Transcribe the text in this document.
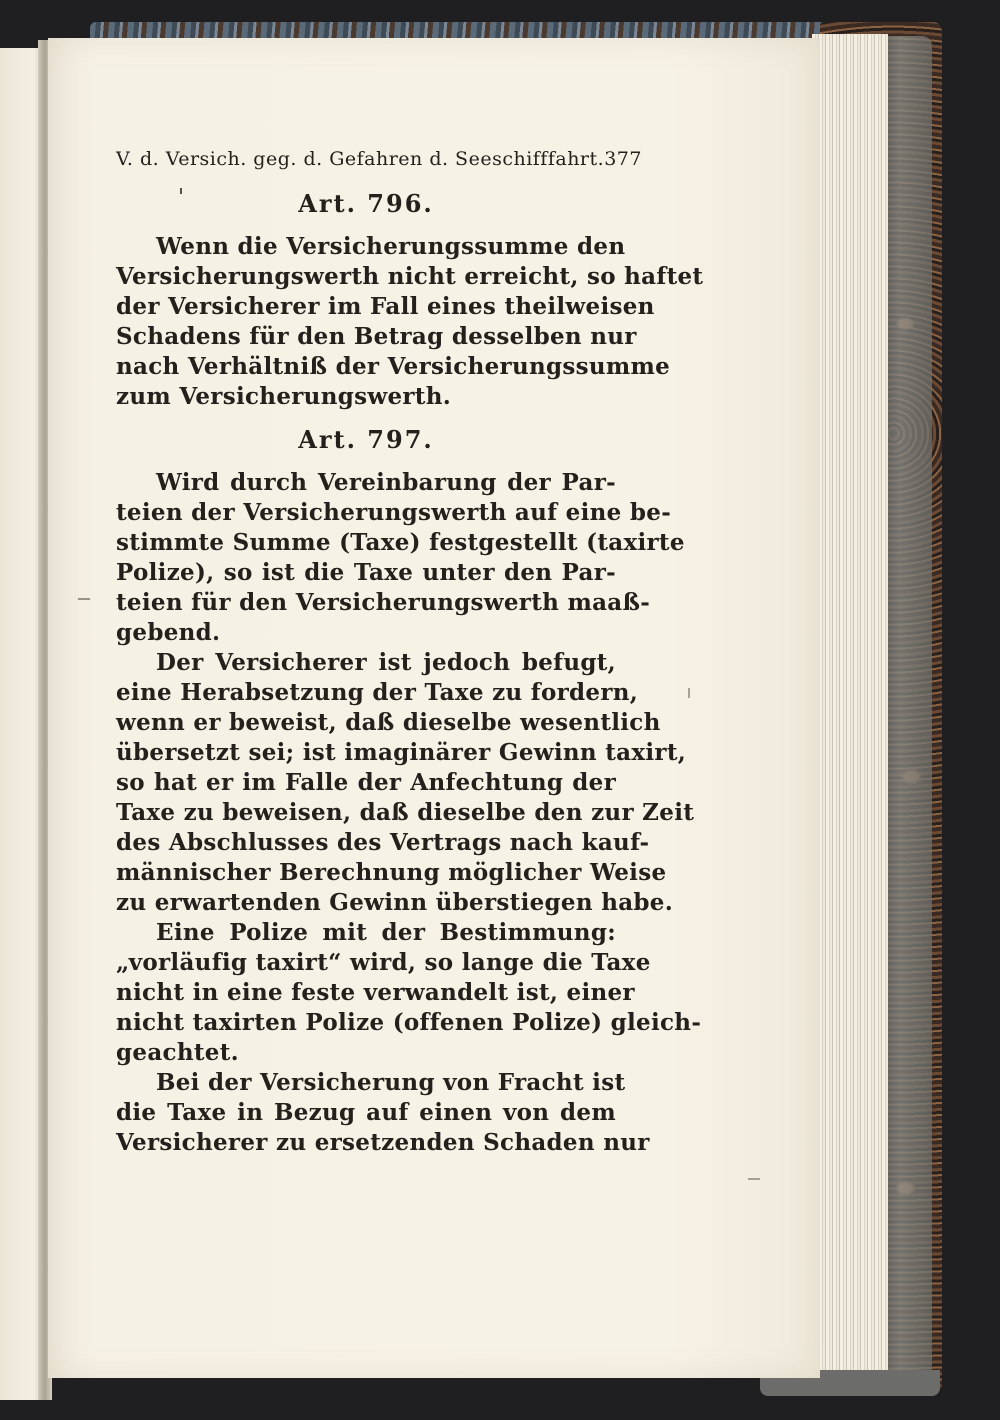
V. d. Versich. geg. d. Gefahren d. Seeschifffahrt. 377
Art. 796.
Wenn die Versicherungssumme den
Versicherungswerth nicht erreicht, so haftet
der Versicherer im Fall eines theilweisen
Schadens für den Betrag desselben nur
nach Verhältniß der Versicherungssumme
zum Versicherungswerth.
Art. 797.
Wird durch Vereinbarung der Par-
teien der Versicherungswerth auf eine be-
stimmte Summe (Taxe) festgestellt (taxirte
Polize), so ist die Taxe unter den Par-
teien für den Versicherungswerth maaß-
gebend.
Der Versicherer ist jedoch befugt,
eine Herabsetzung der Taxe zu fordern,
wenn er beweist, daß dieselbe wesentlich
übersetzt sei; ist imaginärer Gewinn taxirt,
so hat er im Falle der Anfechtung der
Taxe zu beweisen, daß dieselbe den zur Zeit
des Abschlusses des Vertrags nach kauf-
männischer Berechnung möglicher Weise
zu erwartenden Gewinn überstiegen habe.
Eine Polize mit der Bestimmung:
„vorläufig taxirt“ wird, so lange die Taxe
nicht in eine feste verwandelt ist, einer
nicht taxirten Polize (offenen Polize) gleich-
geachtet.
Bei der Versicherung von Fracht ist
die Taxe in Bezug auf einen von dem
Versicherer zu ersetzenden Schaden nur
